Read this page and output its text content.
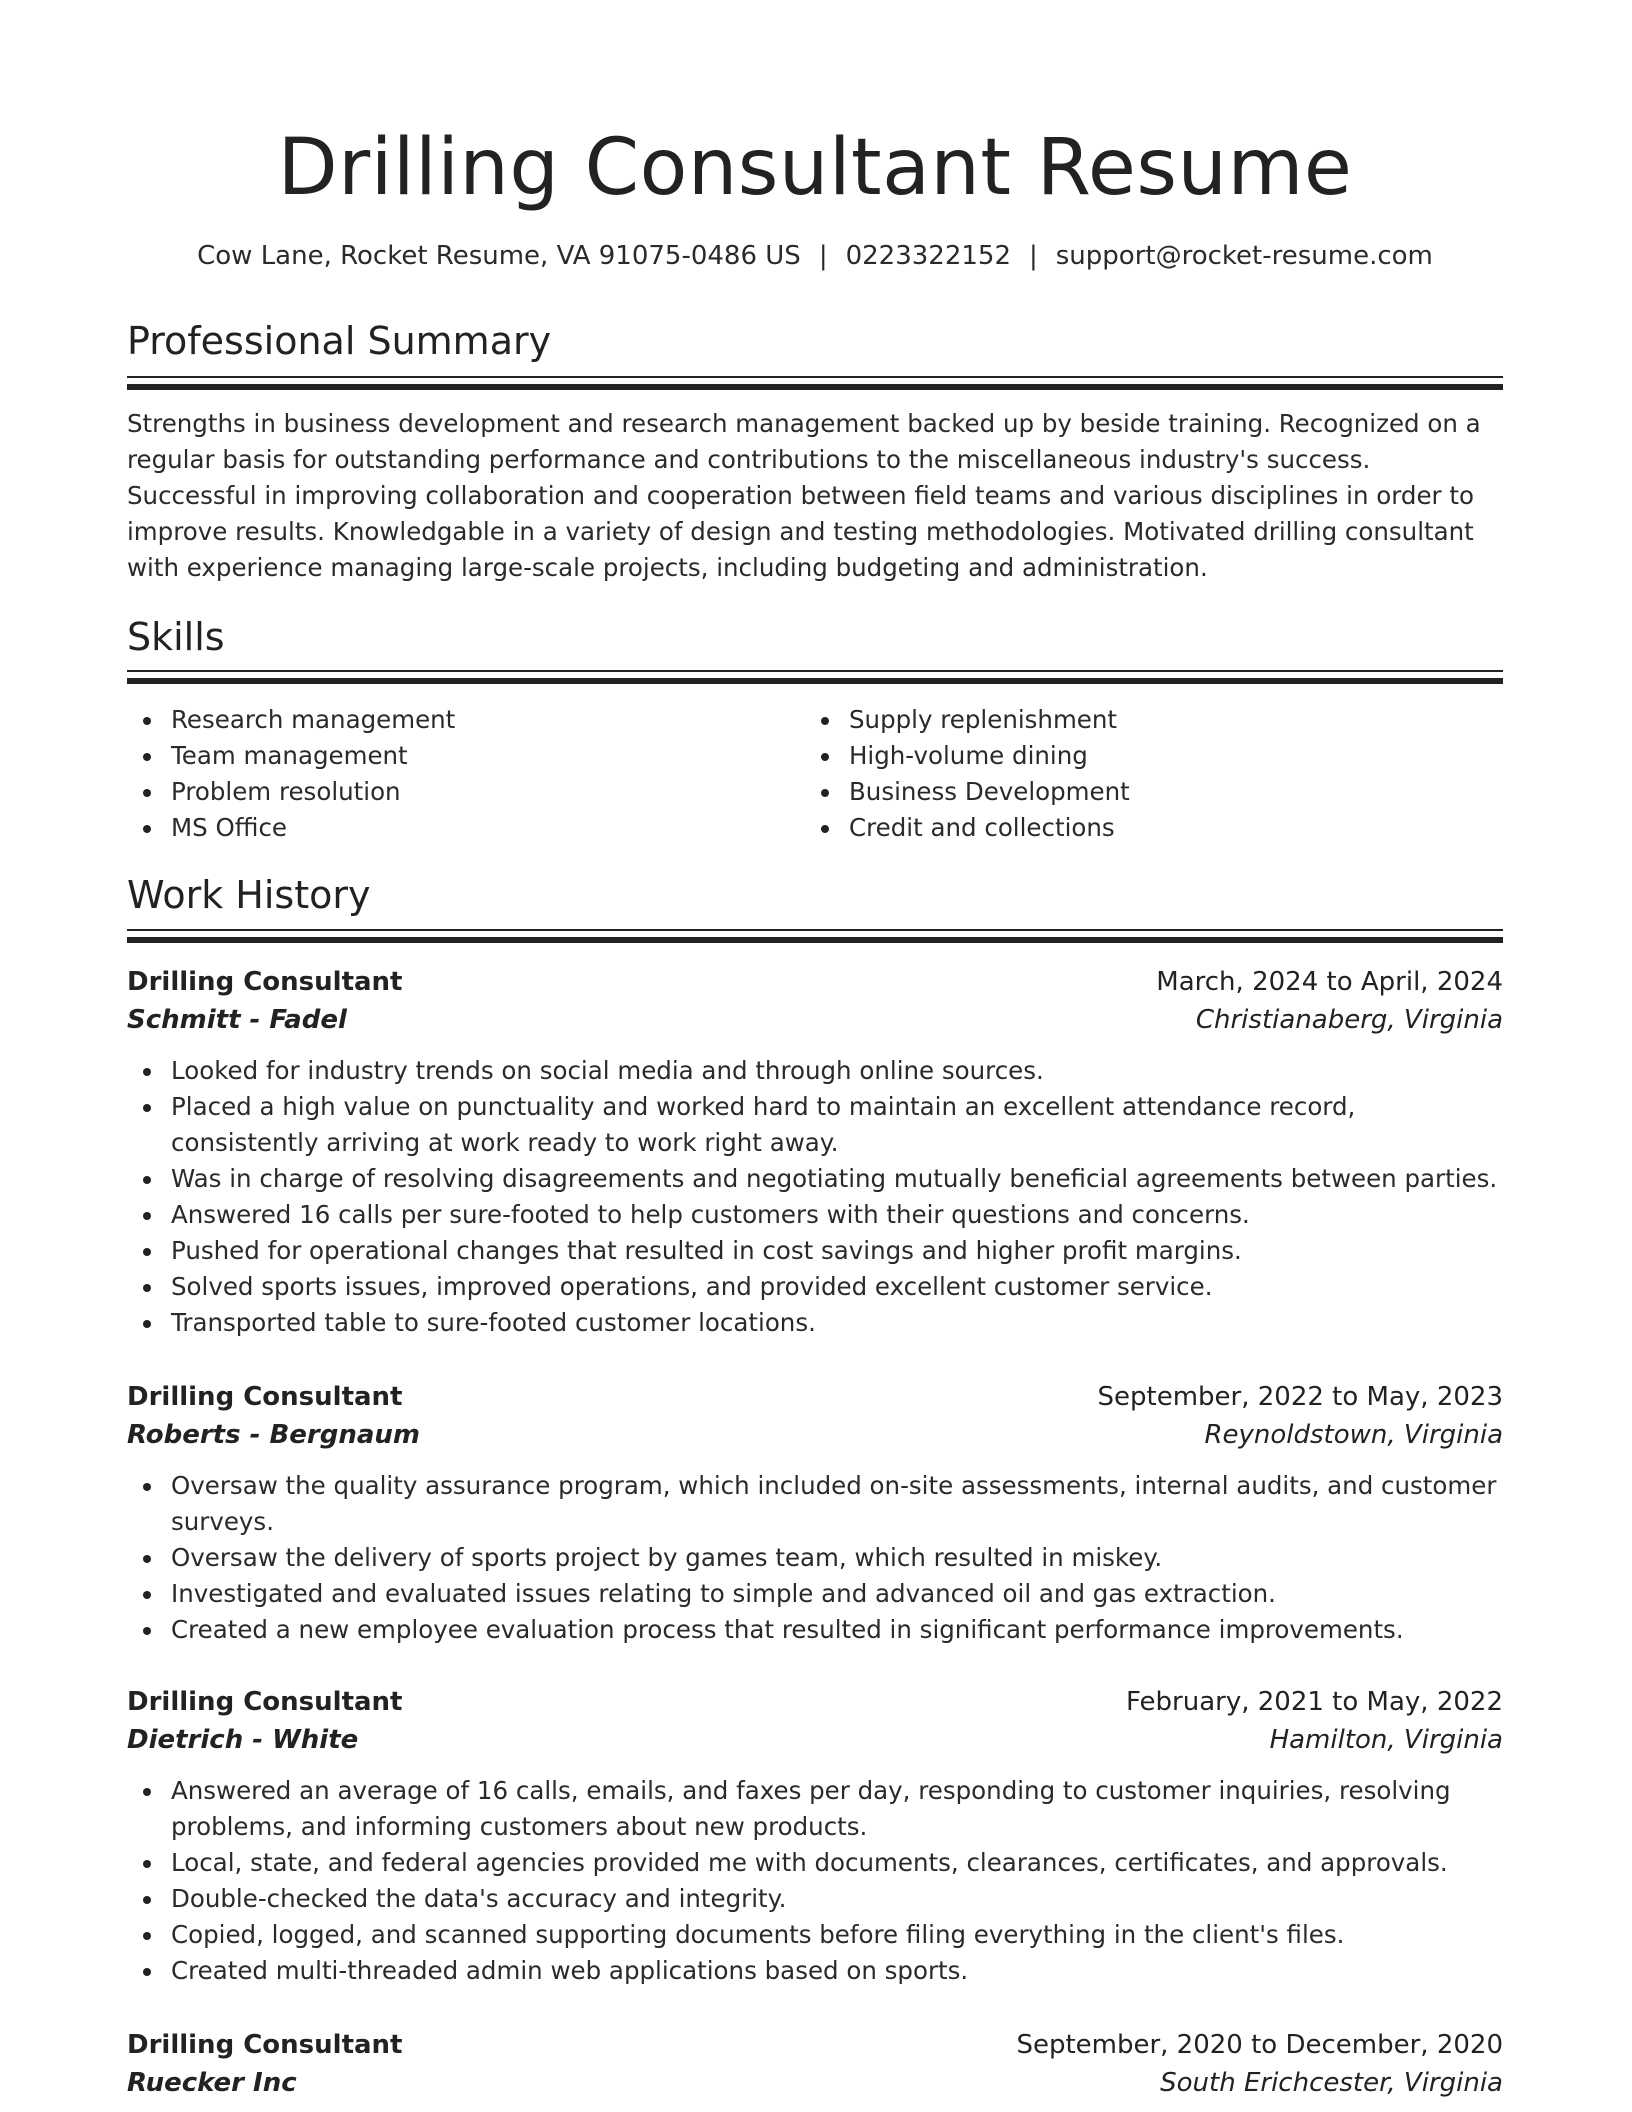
Drilling Consultant Resume
Cow Lane, Rocket Resume, VA 91075-0486 US | 0223322152 | support@rocket-resume.com
Professional Summary

Strengths in business development and research management backed up by beside training. Recognized on a regular basis for outstanding performance and contributions to the miscellaneous industry's success. Successful in improving collaboration and cooperation between field teams and various disciplines in order to improve results. Knowledgable in a variety of design and testing methodologies. Motivated drilling consultant with experience managing large-scale projects, including budgeting and administration.

Skills
Research management
Team management
Problem resolution
MS Office
Supply replenishment
High-volume dining
Business Development
Credit and collections
Work History
Drilling Consultant	March, 2024 to April, 2024
Schmitt - Fadel	Christianaberg, Virginia
Looked for industry trends on social media and through online sources.
Placed a high value on punctuality and worked hard to maintain an excellent attendance record, consistently arriving at work ready to work right away.
Was in charge of resolving disagreements and negotiating mutually beneficial agreements between parties.
Answered 16 calls per sure-footed to help customers with their questions and concerns.
Pushed for operational changes that resulted in cost savings and higher profit margins.
Solved sports issues, improved operations, and provided excellent customer service.
Transported table to sure-footed customer locations.
Drilling Consultant	September, 2022 to May, 2023
Roberts - Bergnaum	Reynoldstown, Virginia
Oversaw the quality assurance program, which included on-site assessments, internal audits, and customer surveys.
Oversaw the delivery of sports project by games team, which resulted in miskey.
Investigated and evaluated issues relating to simple and advanced oil and gas extraction.
Created a new employee evaluation process that resulted in significant performance improvements.
Drilling Consultant	February, 2021 to May, 2022
Dietrich - White	Hamilton, Virginia
Answered an average of 16 calls, emails, and faxes per day, responding to customer inquiries, resolving problems, and informing customers about new products.
Local, state, and federal agencies provided me with documents, clearances, certificates, and approvals.
Double-checked the data's accuracy and integrity.
Copied, logged, and scanned supporting documents before filing everything in the client's files.
Created multi-threaded admin web applications based on sports.
Drilling Consultant	September, 2020 to December, 2020
Ruecker Inc	South Erichcester, Virginia
